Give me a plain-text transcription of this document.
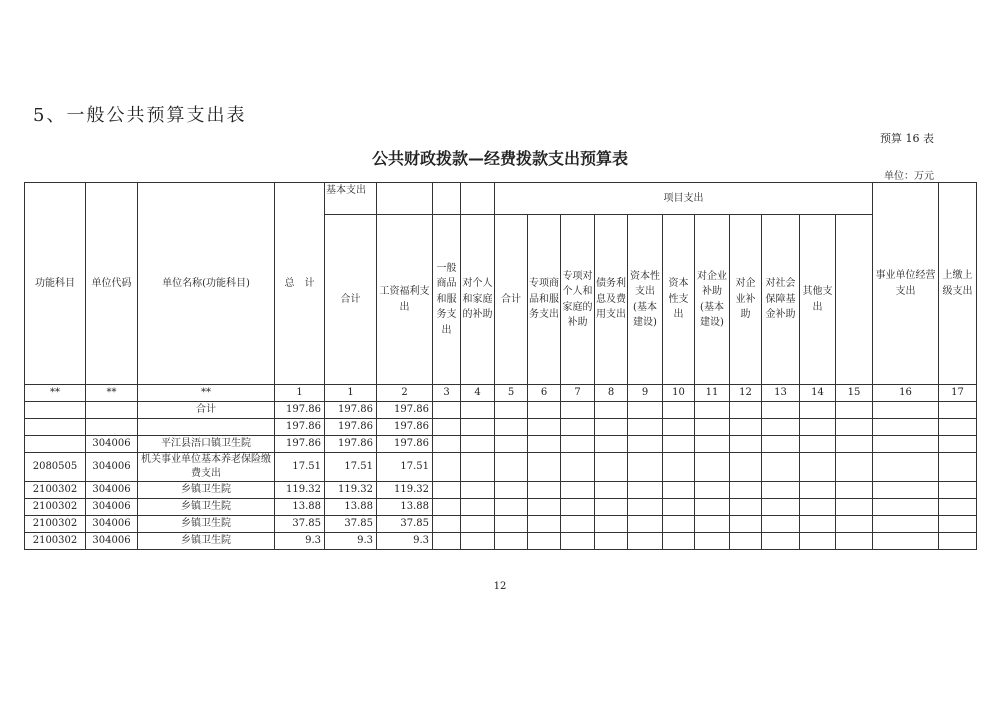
5、一般公共预算支出表
预算 16 表
公共财政拨款—经费拨款支出预算表
单位：万元
功能科目	单位代码	单位名称(功能科目)	总　计	基本支出				项目支出											事业单位经营支出	上缴上级支出	
				合计	工资福利支出	一般商品和服务支出	对个人和家庭的补助	合计	专项商品和服务支出	专项对个人和家庭的补助	债务利息及费用支出	资本性支出(基本建设)	资本性支出	对企业补助(基本建设)	对企业补助	对社会保障基金补助	其他支出				
**	**	**	1	1	2	3	4	5	6	7	8	9	10	11	12	13	14	15	16	17	
		合计	197.86	197.86	197.86																
			197.86	197.86	197.86																
	304006	平江县浯口镇卫生院	197.86	197.86	197.86																
2080505	304006	机关事业单位基本养老保险缴费支出	17.51	17.51	17.51																
2100302	304006	乡镇卫生院	119.32	119.32	119.32																
2100302	304006	乡镇卫生院	13.88	13.88	13.88																
2100302	304006	乡镇卫生院	37.85	37.85	37.85																
2100302	304006	乡镇卫生院	9.3	9.3	9.3																
12
